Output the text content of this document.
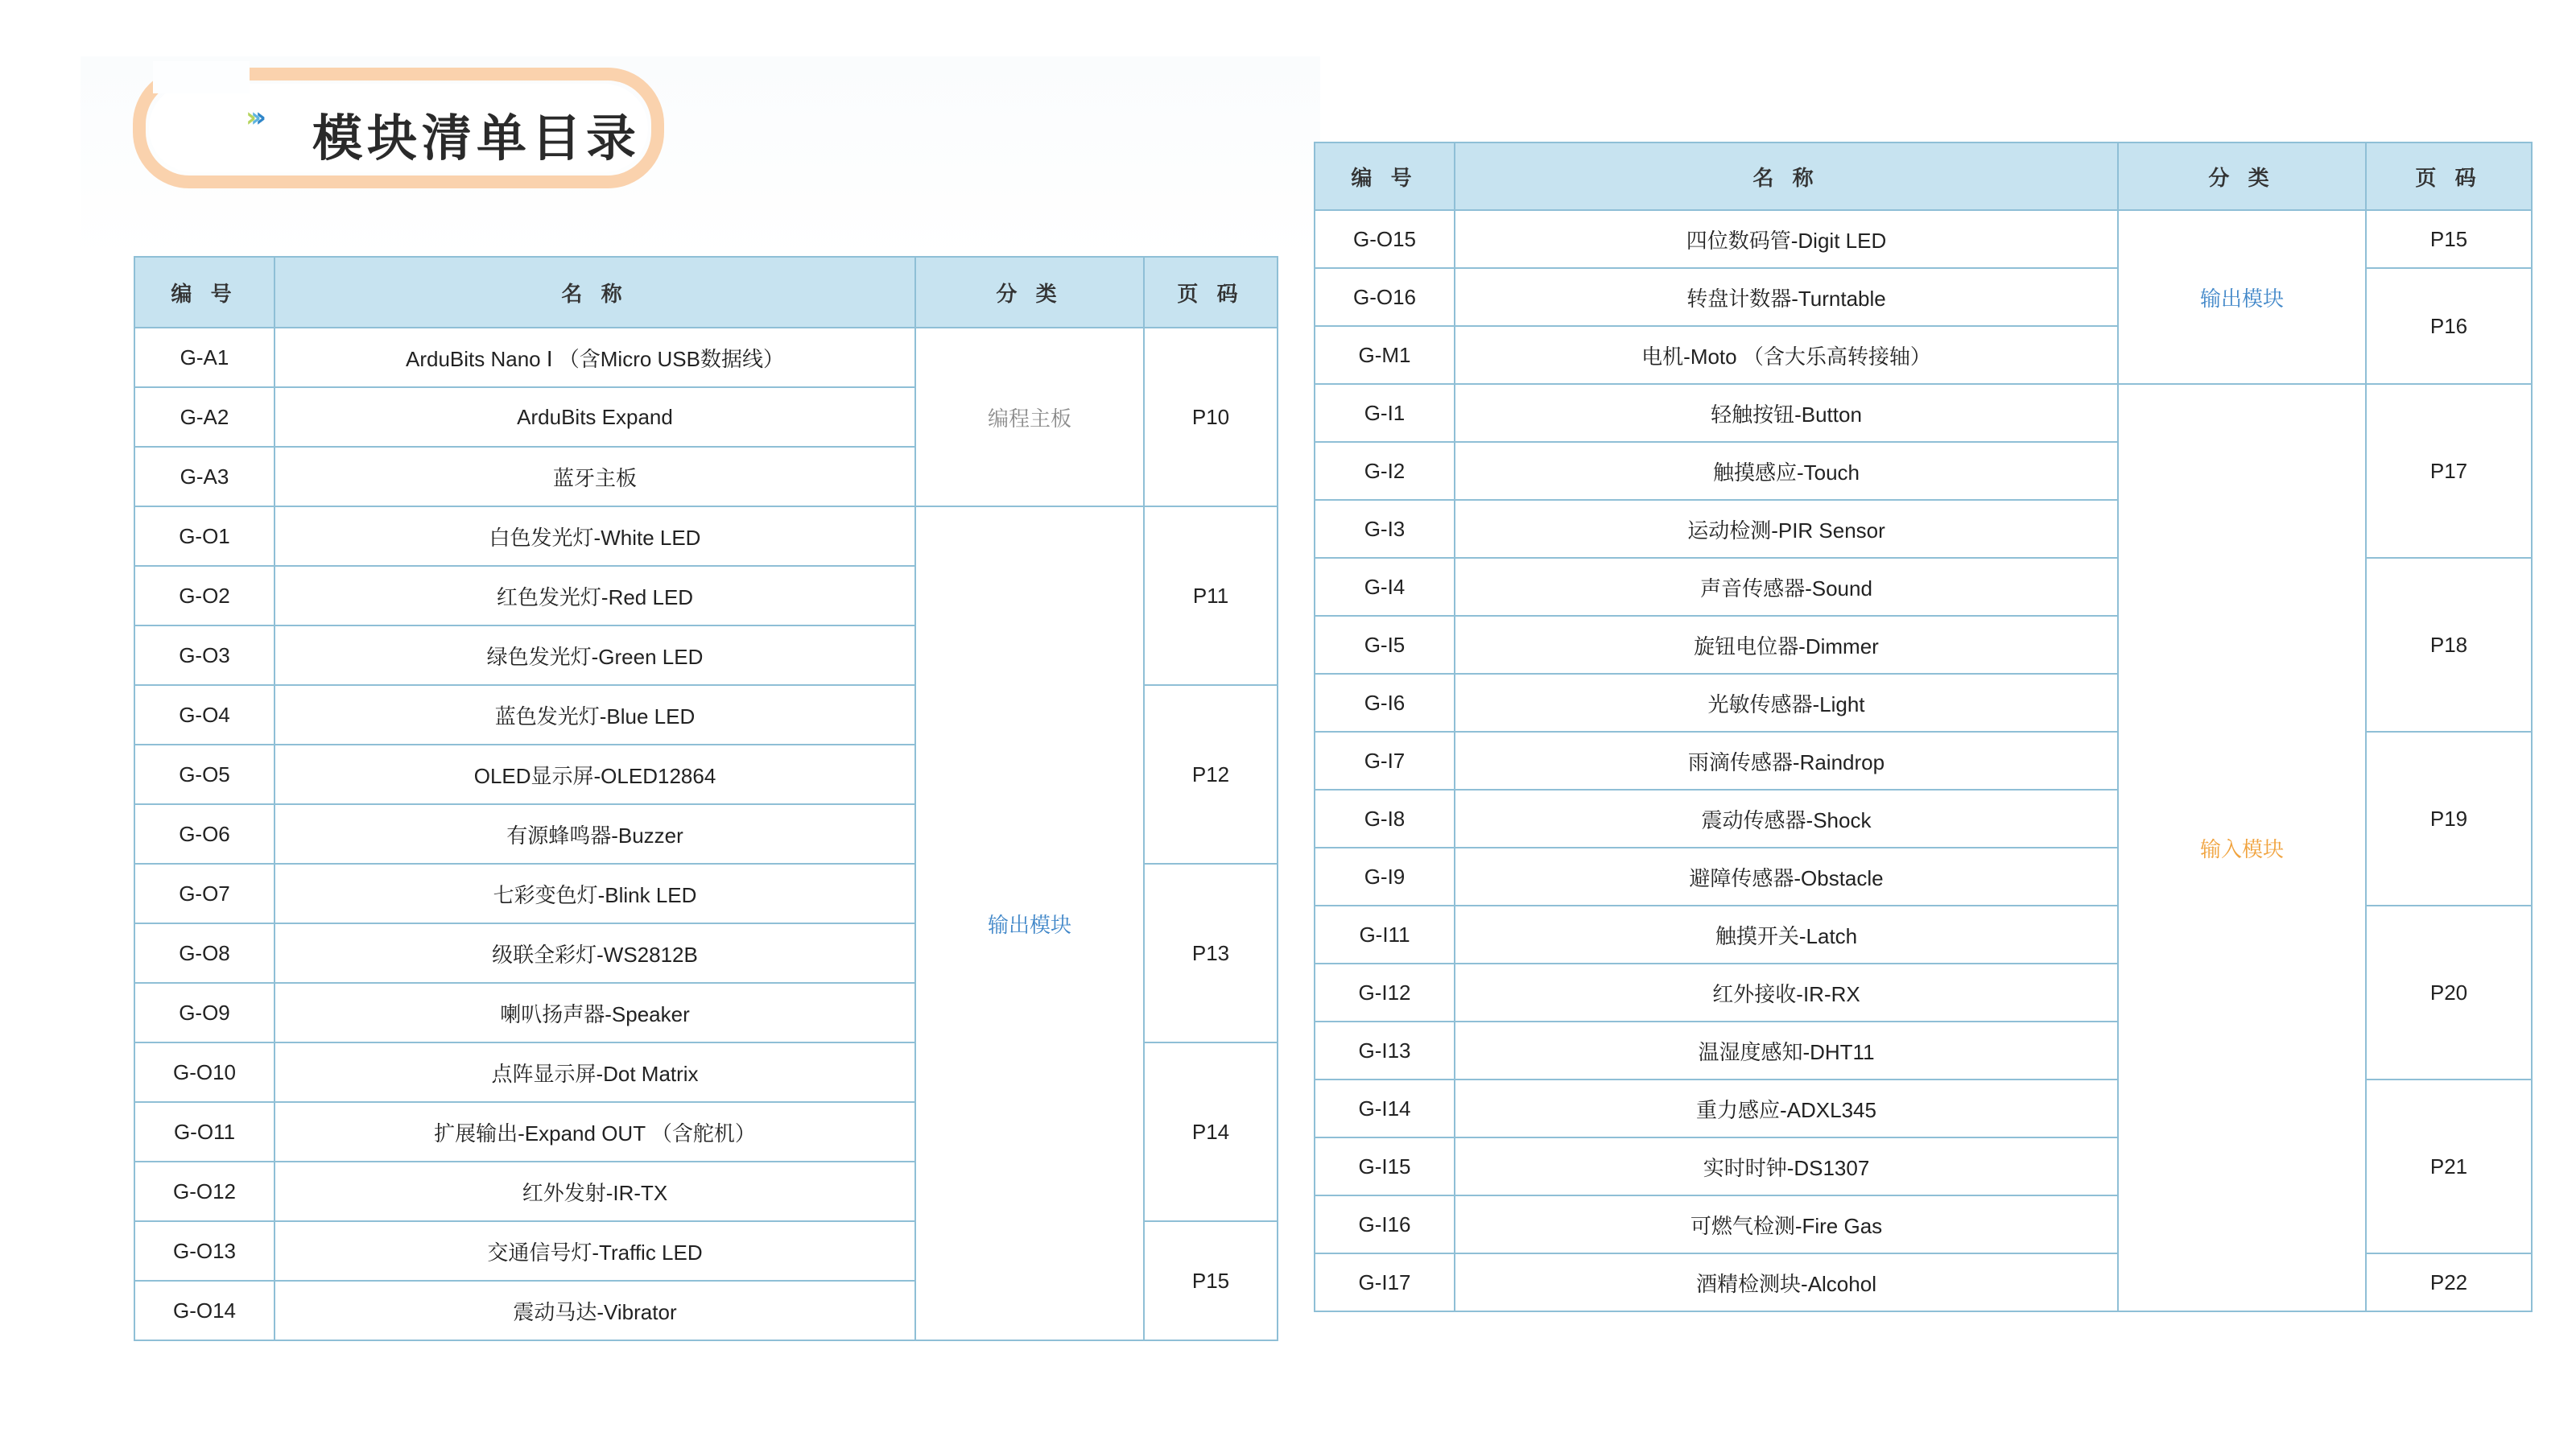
››› 模块清单目录
编 号	名 称	分 类	页 码
G-A1	ArduBits Nano Ⅰ （含Micro USB数据线）	编程主板	P10
G-A2	ArduBits Expand		
G-A3	蓝牙主板		
G-O1	白色发光灯-White LED	输出模块	P11
G-O2	红色发光灯-Red LED		
G-O3	绿色发光灯-Green LED		
G-O4	蓝色发光灯-Blue LED		P12
G-O5	OLED显示屏-OLED12864		
G-O6	有源蜂鸣器-Buzzer		
G-O7	七彩变色灯-Blink LED		P13
G-O8	级联全彩灯-WS2812B		
G-O9	喇叭扬声器-Speaker		
G-O10	点阵显示屏-Dot Matrix		P14
G-O11	扩展输出-Expand OUT （含舵机）		
G-O12	红外发射-IR-TX		
G-O13	交通信号灯-Traffic LED		P15
G-O14	震动马达-Vibrator		
编 号	名 称	分 类	页 码
G-O15	四位数码管-Digit LED	输出模块	P15
G-O16	转盘计数器-Turntable		P16
G-M1	电机-Moto （含大乐高转接轴）		
G-I1	轻触按钮-Button	输入模块	P17
G-I2	触摸感应-Touch		
G-I3	运动检测-PIR Sensor		
G-I4	声音传感器-Sound		P18
G-I5	旋钮电位器-Dimmer		
G-I6	光敏传感器-Light		
G-I7	雨滴传感器-Raindrop		P19
G-I8	震动传感器-Shock		
G-I9	避障传感器-Obstacle		
G-I11	触摸开关-Latch		P20
G-I12	红外接收-IR-RX		
G-I13	温湿度感知-DHT11		
G-I14	重力感应-ADXL345		P21
G-I15	实时时钟-DS1307		
G-I16	可燃气检测-Fire Gas		
G-I17	酒精检测块-Alcohol		P22
